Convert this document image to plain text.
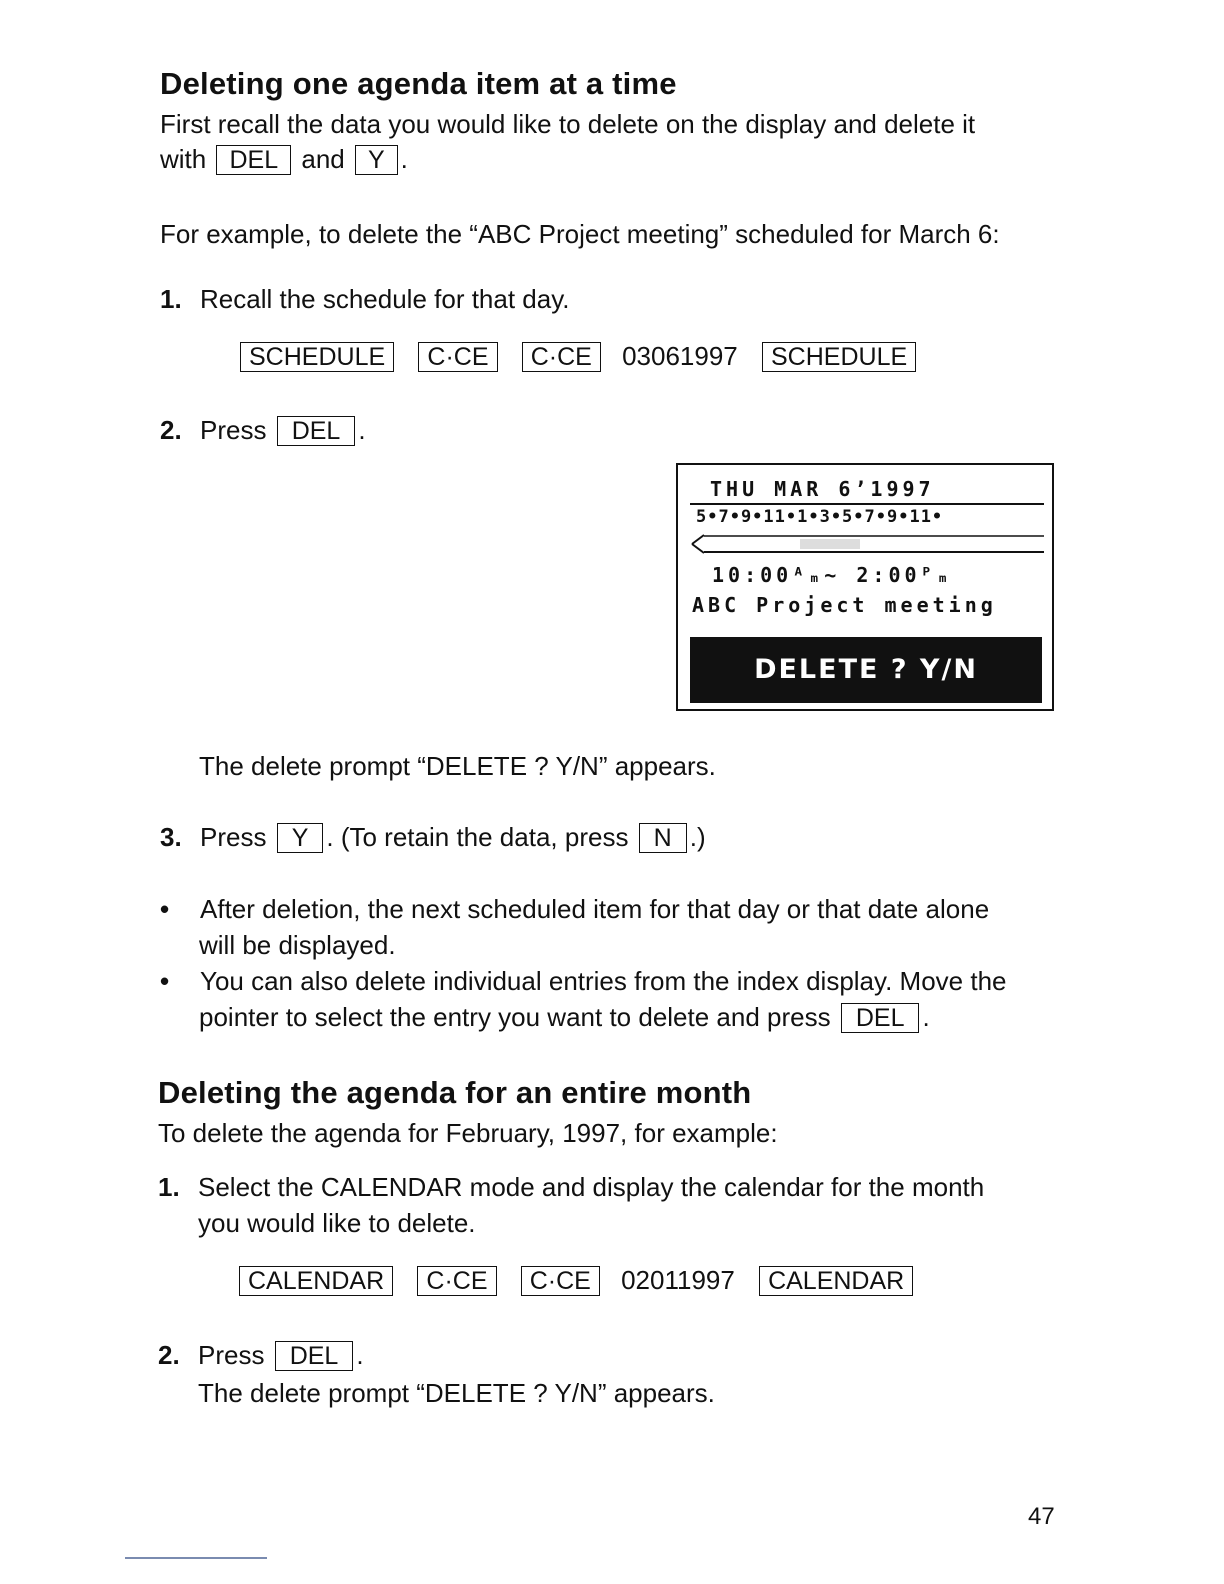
Deleting one agenda item at a time
First recall the data you would like to delete on the display and delete it
with DEL and Y .
For example, to delete the “ABC Project meeting” scheduled for March 6:
1. Recall the schedule for that day.
SCHEDULE C·CE C·CE 03061997 SCHEDULE
2. Press DEL .
THU MAR 6’1997
5•7•9•11•1•3•5•7•9•11•
10:00ᴬₘ~ 2:00ᴾₘ
ABC Project meeting
DELETE ? Y/N
The delete prompt “DELETE ? Y/N” appears.
3. Press Y . (To retain the data, press N .)
• After deletion, the next scheduled item for that day or that date alone
will be displayed.
• You can also delete individual entries from the index display. Move the
pointer to select the entry you want to delete and press DEL .
Deleting the agenda for an entire month
To delete the agenda for February, 1997, for example:
1. Select the CALENDAR mode and display the calendar for the month
you would like to delete.
CALENDAR C·CE C·CE 02011997 CALENDAR
2. Press DEL .
The delete prompt “DELETE ? Y/N” appears.
47
